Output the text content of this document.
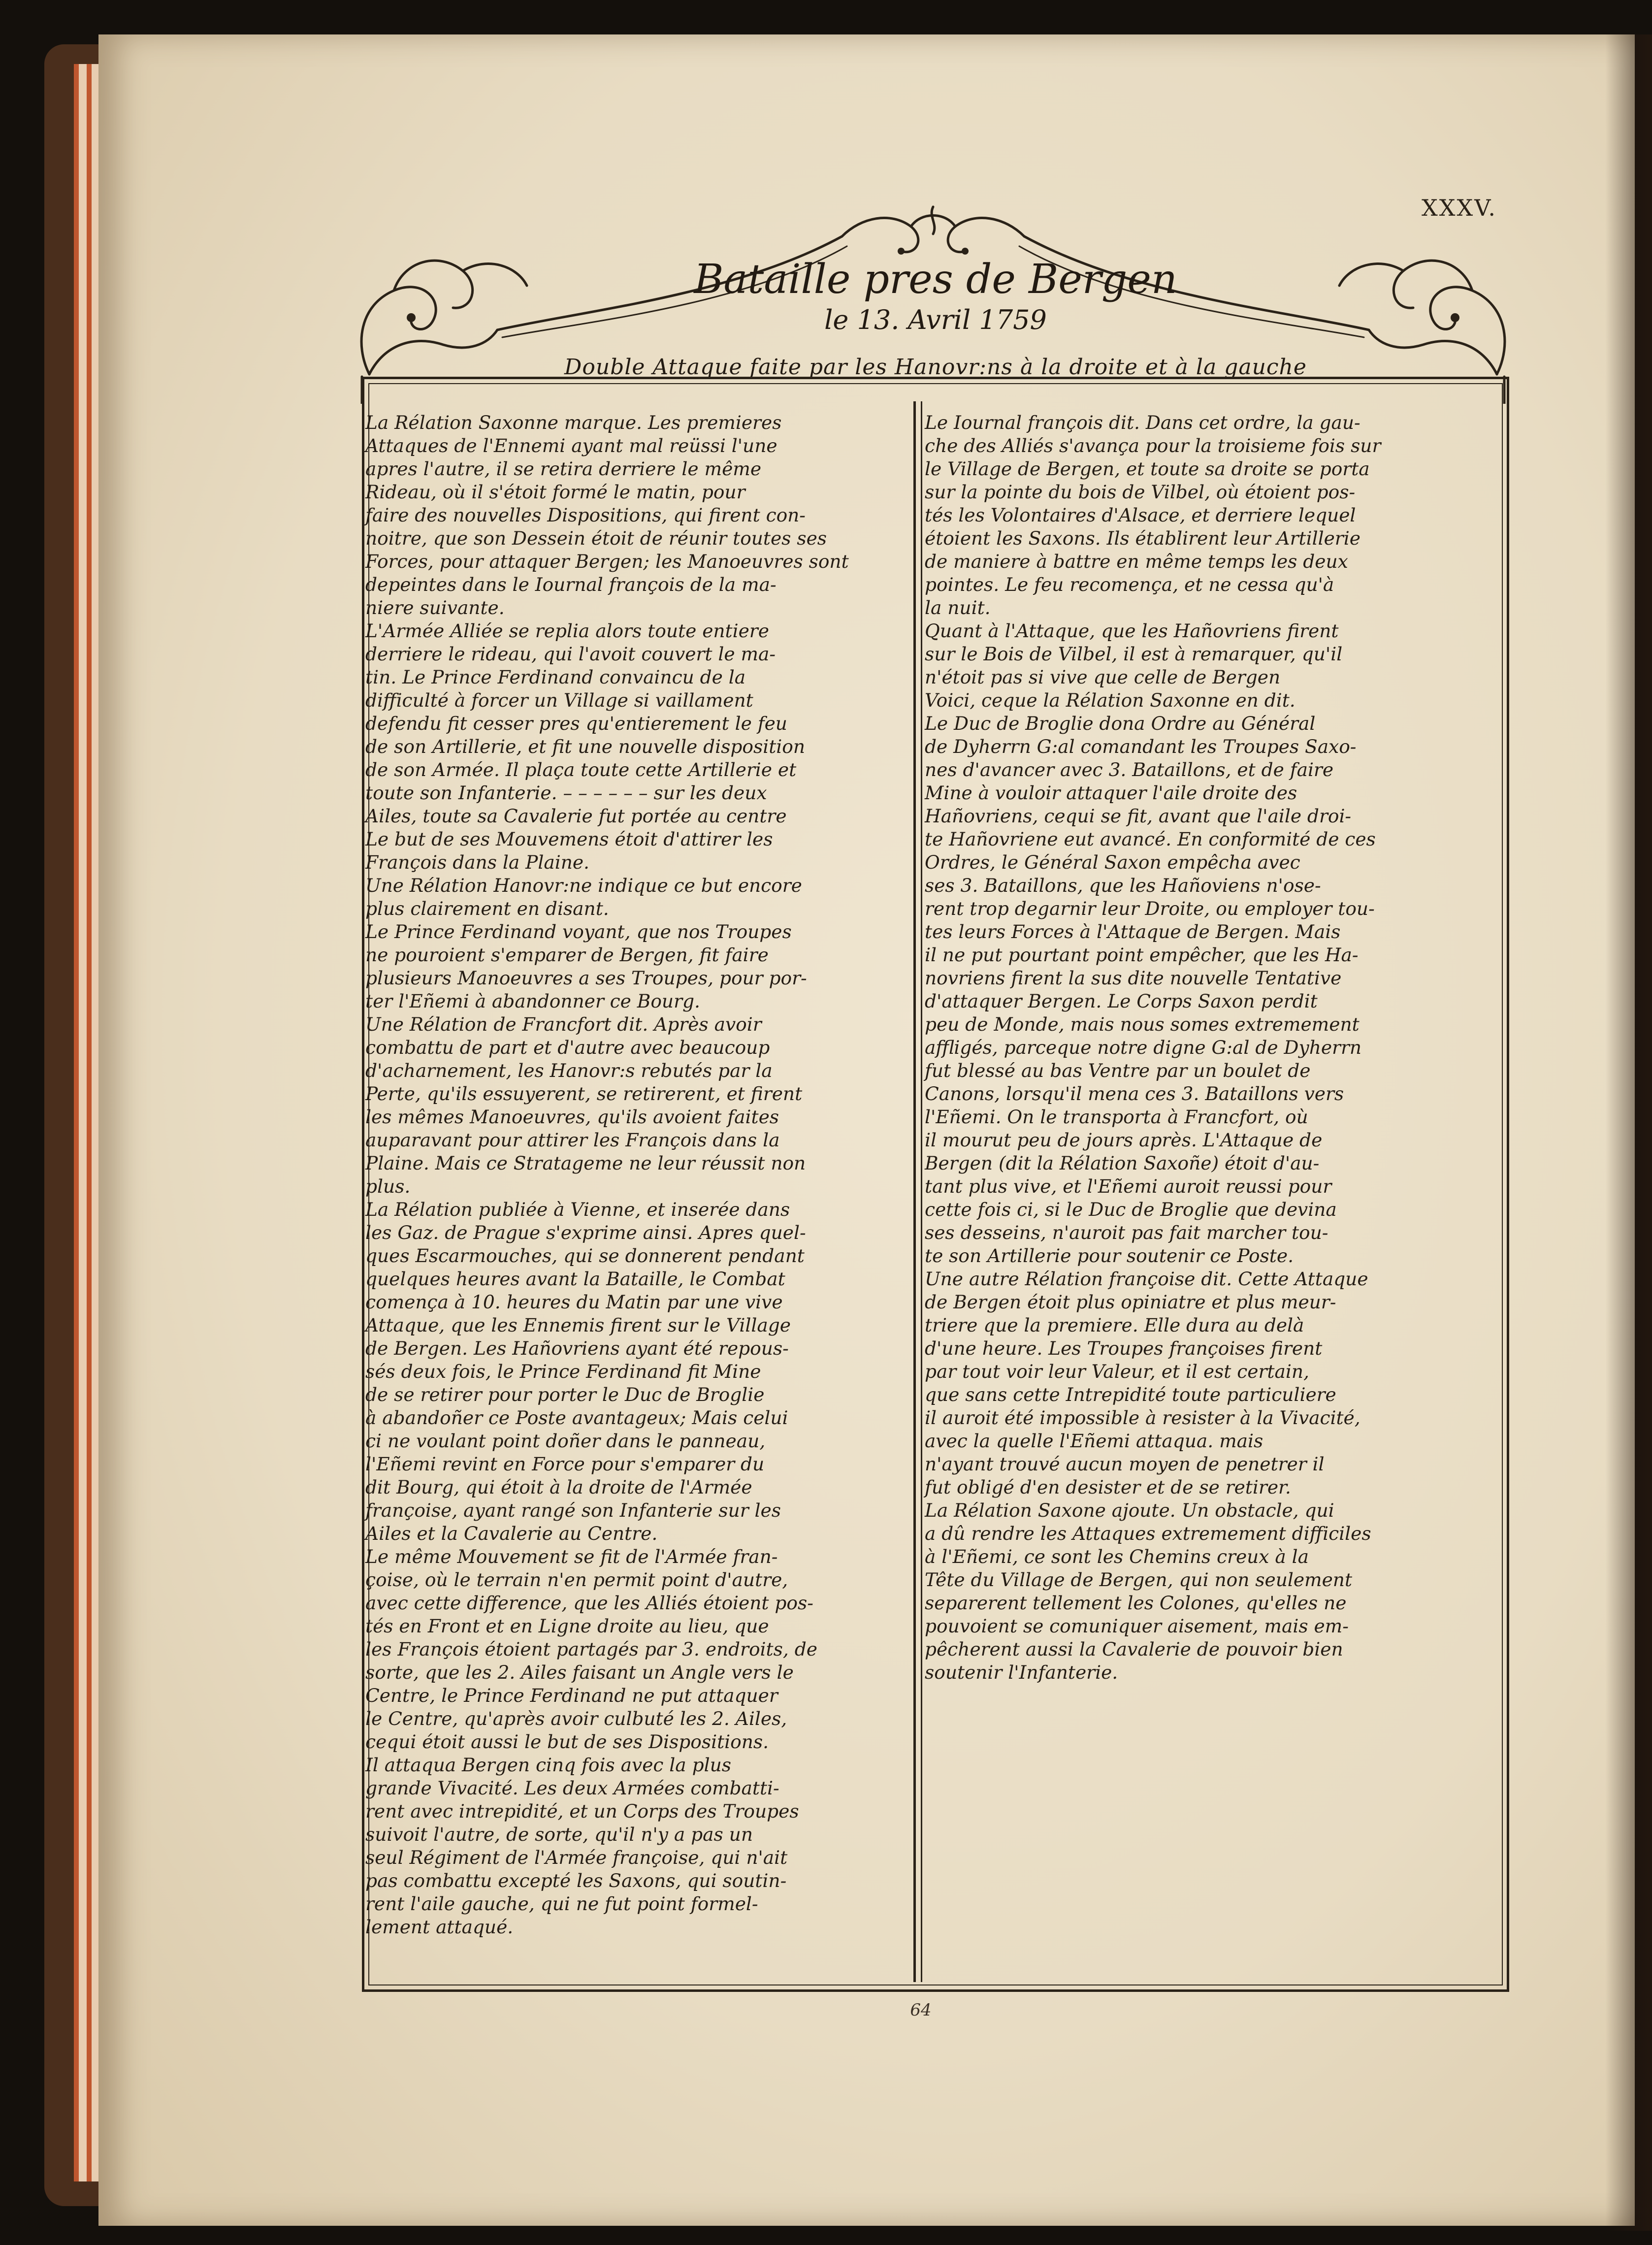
XXXV.
Bataille pres de Bergen
le 13. Avril 1759
Double Attaque faite par les Hanovr:ns à la droite et à la gauche

La Rélation Saxonne marque. Les premieres

Attaques de l'Ennemi ayant mal reüssi l'une

apres l'autre, il se retira derriere le même

Rideau, où il s'étoit formé le matin, pour

faire des nouvelles Dispositions, qui firent con-

noitre, que son Dessein étoit de réunir toutes ses

Forces, pour attaquer Bergen; les Manoeuvres sont

depeintes dans le Iournal françois de la ma-

niere suivante.

L'Armée Alliée se replia alors toute entiere

derriere le rideau, qui l'avoit couvert le ma-

tin. Le Prince Ferdinand convaincu de la

difficulté à forcer un Village si vaillament

defendu fit cesser pres qu'entierement le feu

de son Artillerie, et fit une nouvelle disposition

de son Armée. Il plaça toute cette Artillerie et

toute son Infanterie. – – – – – – sur les deux

Ailes, toute sa Cavalerie fut portée au centre

Le but de ses Mouvemens étoit d'attirer les

François dans la Plaine.

Une Rélation Hanovr:ne indique ce but encore

plus clairement en disant.

Le Prince Ferdinand voyant, que nos Troupes

ne pouroient s'emparer de Bergen, fit faire

plusieurs Manoeuvres a ses Troupes, pour por-

ter l'Eñemi à abandonner ce Bourg.

Une Rélation de Francfort dit. Après avoir

combattu de part et d'autre avec beaucoup

d'acharnement, les Hanovr:s rebutés par la

Perte, qu'ils essuyerent, se retirerent, et firent

les mêmes Manoeuvres, qu'ils avoient faites

auparavant pour attirer les François dans la

Plaine. Mais ce Stratageme ne leur réussit non

plus.

La Rélation publiée à Vienne, et inserée dans

les Gaz. de Prague s'exprime ainsi. Apres quel-

ques Escarmouches, qui se donnerent pendant

quelques heures avant la Bataille, le Combat

comença à 10. heures du Matin par une vive

Attaque, que les Ennemis firent sur le Village

de Bergen. Les Hañovriens ayant été repous-

sés deux fois, le Prince Ferdinand fit Mine

de se retirer pour porter le Duc de Broglie

à abandoñer ce Poste avantageux; Mais celui

ci ne voulant point doñer dans le panneau,

l'Eñemi revint en Force pour s'emparer du

dit Bourg, qui étoit à la droite de l'Armée

françoise, ayant rangé son Infanterie sur les

Ailes et la Cavalerie au Centre.

Le même Mouvement se fit de l'Armée fran-

çoise, où le terrain n'en permit point d'autre,

avec cette difference, que les Alliés étoient pos-

tés en Front et en Ligne droite au lieu, que

les François étoient partagés par 3. endroits, de

sorte, que les 2. Ailes faisant un Angle vers le

Centre, le Prince Ferdinand ne put attaquer

le Centre, qu'après avoir culbuté les 2. Ailes,

cequi étoit aussi le but de ses Dispositions.

Il attaqua Bergen cinq fois avec la plus

grande Vivacité. Les deux Armées combatti-

rent avec intrepidité, et un Corps des Troupes

suivoit l'autre, de sorte, qu'il n'y a pas un

seul Régiment de l'Armée françoise, qui n'ait

pas combattu excepté les Saxons, qui soutin-

rent l'aile gauche, qui ne fut point formel-

lement attaqué.

Le Iournal françois dit. Dans cet ordre, la gau-

che des Alliés s'avança pour la troisieme fois sur

le Village de Bergen, et toute sa droite se porta

sur la pointe du bois de Vilbel, où étoient pos-

tés les Volontaires d'Alsace, et derriere lequel

étoient les Saxons. Ils établirent leur Artillerie

de maniere à battre en même temps les deux

pointes. Le feu recomença, et ne cessa qu'à

la nuit.

Quant à l'Attaque, que les Hañovriens firent

sur le Bois de Vilbel, il est à remarquer, qu'il

n'étoit pas si vive que celle de Bergen

Voici, ceque la Rélation Saxonne en dit.

Le Duc de Broglie dona Ordre au Général

de Dyherrn G:al comandant les Troupes Saxo-

nes d'avancer avec 3. Bataillons, et de faire

Mine à vouloir attaquer l'aile droite des

Hañovriens, cequi se fit, avant que l'aile droi-

te Hañovriene eut avancé. En conformité de ces

Ordres, le Général Saxon empêcha avec

ses 3. Bataillons, que les Hañoviens n'ose-

rent trop degarnir leur Droite, ou employer tou-

tes leurs Forces à l'Attaque de Bergen. Mais

il ne put pourtant point empêcher, que les Ha-

novriens firent la sus dite nouvelle Tentative

d'attaquer Bergen. Le Corps Saxon perdit

peu de Monde, mais nous somes extremement

affligés, parceque notre digne G:al de Dyherrn

fut blessé au bas Ventre par un boulet de

Canons, lorsqu'il mena ces 3. Bataillons vers

l'Eñemi. On le transporta à Francfort, où

il mourut peu de jours après. L'Attaque de

Bergen (dit la Rélation Saxoñe) étoit d'au-

tant plus vive, et l'Eñemi auroit reussi pour

cette fois ci, si le Duc de Broglie que devina

ses desseins, n'auroit pas fait marcher tou-

te son Artillerie pour soutenir ce Poste.

Une autre Rélation françoise dit. Cette Attaque

de Bergen étoit plus opiniatre et plus meur-

triere que la premiere. Elle dura au delà

d'une heure. Les Troupes françoises firent

par tout voir leur Valeur, et il est certain,

que sans cette Intrepidité toute particuliere

il auroit été impossible à resister à la Vivacité,

avec la quelle l'Eñemi attaqua. mais

n'ayant trouvé aucun moyen de penetrer il

fut obligé d'en desister et de se retirer.

La Rélation Saxone ajoute. Un obstacle, qui

a dû rendre les Attaques extremement difficiles

à l'Eñemi, ce sont les Chemins creux à la

Tête du Village de Bergen, qui non seulement

separerent tellement les Colones, qu'elles ne

pouvoient se comuniquer aisement, mais em-

pêcherent aussi la Cavalerie de pouvoir bien

soutenir l'Infanterie.

64
